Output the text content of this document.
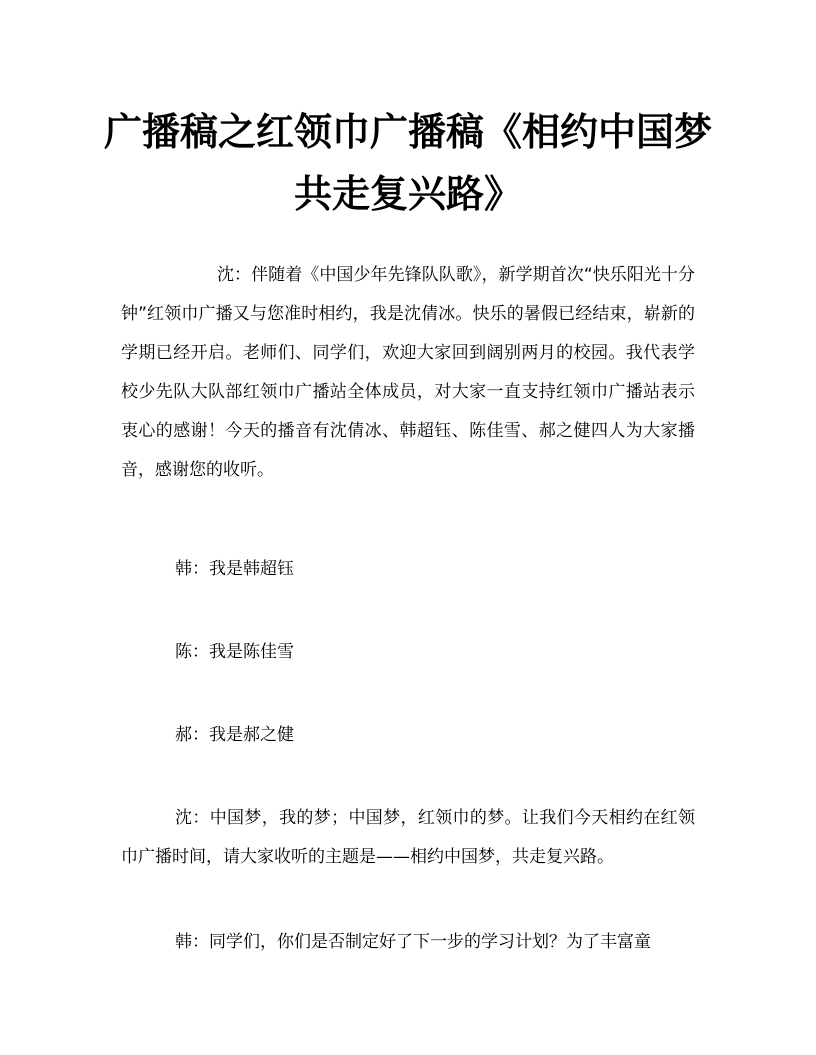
广播稿之红领巾广播稿《相约中国梦
共走复兴路》

沈：伴随着《中国少年先锋队队歌》，新学期首次“快乐阳光十分钟”红领巾广播又与您准时相约，我是沈倩冰。快乐的暑假已经结束，崭新的学期已经开启。老师们、同学们，欢迎大家回到阔别两月的校园。我代表学校少先队大队部红领巾广播站全体成员，对大家一直支持红领巾广播站表示衷心的感谢！今天的播音有沈倩冰、韩超钰、陈佳雪、郝之健四人为大家播音，感谢您的收听。

韩：我是韩超钰

陈：我是陈佳雪

郝：我是郝之健

沈：中国梦，我的梦；中国梦，红领巾的梦。让我们今天相约在红领巾广播时间，请大家收听的主题是——相约中国梦，共走复兴路。

韩：同学们，你们是否制定好了下一步的学习计划？为了丰富童
